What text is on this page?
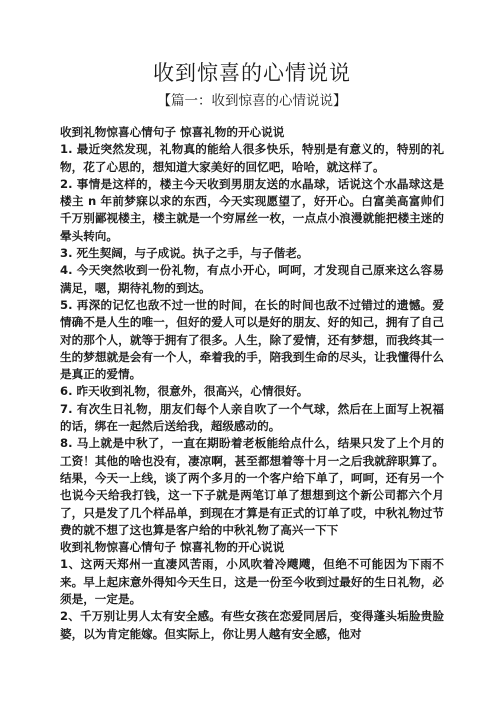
收到惊喜的心情说说
【篇一：收到惊喜的心情说说】

收到礼物惊喜心情句子 惊喜礼物的开心说说

1. 最近突然发现，礼物真的能给人很多快乐，特别是有意义的，特别的礼物，花了心思的，想知道大家美好的回忆吧，哈哈，就这样了。

2. 事情是这样的，楼主今天收到男朋友送的水晶球，话说这个水晶球这是楼主 n 年前梦寐以求的东西，今天实现愿望了，好开心。白富美高富帅们千万别鄙视楼主，楼主就是一个穷屌丝一枚，一点点小浪漫就能把楼主迷的晕头转向。

3. 死生契阔，与子成说。执子之手，与子偕老。

4. 今天突然收到一份礼物，有点小开心，呵呵，才发现自己原来这么容易满足，嗯，期待礼物的到达。

5. 再深的记忆也敌不过一世的时间，在长的时间也敌不过错过的遗憾。爱情确不是人生的唯一，但好的爱人可以是好的朋友、好的知己，拥有了自己对的那个人，就等于拥有了很多。人生，除了爱情，还有梦想，而我终其一生的梦想就是会有一个人，牵着我的手，陪我到生命的尽头，让我懂得什么是真正的爱情。

6. 昨天收到礼物，很意外，很高兴，心情很好。

7. 有次生日礼物，朋友们每个人亲自吹了一个气球，然后在上面写上祝福的话，绑在一起然后送给我，超级感动的。

8. 马上就是中秋了，一直在期盼着老板能给点什么，结果只发了上个月的工资！其他的啥也没有，凄凉啊，甚至都想着等十月一之后我就辞职算了。结果，今天一上线，谈了两个多月的一个客户给下单了，呵呵，还有另一个也说今天给我打钱，这一下子就是两笔订单了想想到这个新公司都六个月了，只是发了几个样品单，到现在才算是有正式的订单了哎，中秋礼物过节费的就不想了这也算是客户给的中秋礼物了高兴一下下

收到礼物惊喜心情句子 惊喜礼物的开心说说

1、这两天郑州一直凄风苦雨，小风吹着冷飕飕，但绝不可能因为下雨不来。早上起床意外得知今天生日，这是一份至今收到过最好的生日礼物，必须是，一定是。

2、千万别让男人太有安全感。有些女孩在恋爱同居后，变得蓬头垢脸贵脸婆，以为肯定能嫁。但实际上，你让男人越有安全感，他对
